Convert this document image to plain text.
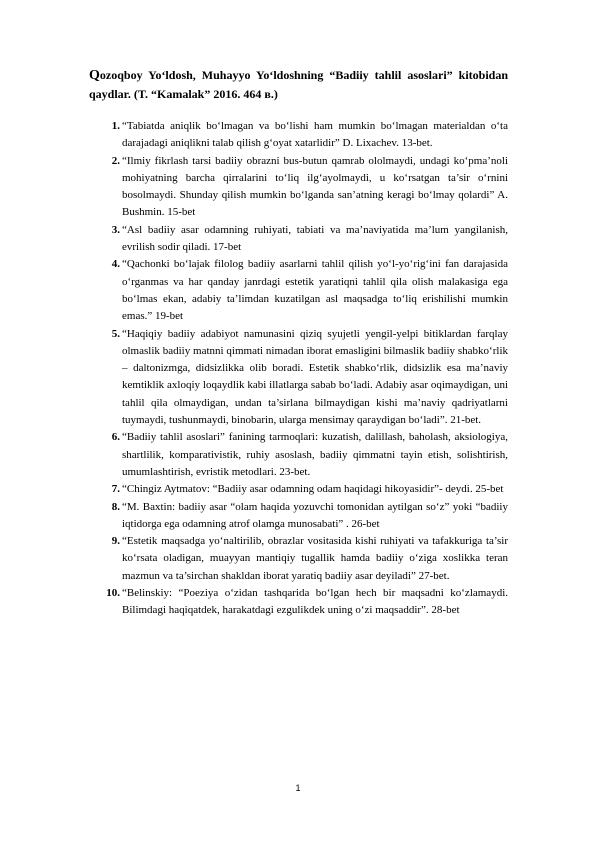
Qozoqboy Yo‘ldosh, Muhayyo Yo‘ldoshning “Badiiy tahlil asoslari” kitobidan qaydlar. (T. “Kamalak” 2016. 464 в.)
1. “Tabiatda aniqlik bo‘lmagan va bo‘lishi ham mumkin bo‘lmagan materialdan o‘ta darajadagi aniqlikni talab qilish g‘oyat xatarlidir” D. Lixachev. 13-bet.
2. “Ilmiy fikrlash tarsi badiiy obrazni bus-butun qamrab ololmaydi, undagi ko‘pma’noli mohiyatning barcha qirralarini to‘liq ilg‘ayolmaydi, u ko‘rsatgan ta’sir o‘rnini bosolmaydi. Shunday qilish mumkin bo‘lganda san’atning keragi bo‘lmay qolardi” A. Bushmin. 15-bet
3. “Asl badiiy asar odamning ruhiyati, tabiati va ma’naviyatida ma’lum yangilanish, evrilish sodir qiladi. 17-bet
4. “Qachonki bo‘lajak filolog badiiy asarlarni tahlil qilish yo‘l-yo‘rig‘ini fan darajasida o‘rganmas va har qanday janrdagi estetik yaratiqni tahlil qila olish malakasiga ega bo‘lmas ekan, adabiy ta’limdan kuzatilgan asl maqsadga to‘liq erishilishi mumkin emas.” 19-bet
5. “Haqiqiy badiiy adabiyot namunasini qiziq syujetli yengil-yelpi bitiklardan farqlay olmaslik badiiy matnni qimmati nimadan iborat emasligini bilmaslik badiiy shabko‘rlik – daltonizmga, didsizlikka olib boradi. Estetik shabko‘rlik, didsizlik esa ma’naviy kemtiklik axloqiy loqaydlik kabi illatlarga sabab bo‘ladi. Adabiy asar oqimaydigan, uni tahlil qila olmaydigan, undan ta’sirlana bilmaydigan kishi ma’naviy qadriyatlarni tuymaydi, tushunmaydi, binobarin, ularga mensimay qaraydigan bo‘ladi”. 21-bet.
6. “Badiiy tahlil asoslari” fanining tarmoqlari: kuzatish, dalillash, baholash, aksiologiya, shartlilik, komparativistik, ruhiy asoslash, badiiy qimmatni tayin etish, solishtirish, umumlashtirish, evristik metodlari. 23-bet.
7. “Chingiz Aytmatov: “Badiiy asar odamning odam haqidagi hikoyasidir”- deydi. 25-bet
8. “M. Baxtin: badiiy asar “olam haqida yozuvchi tomonidan aytilgan so‘z” yoki “badiiy iqtidorga ega odamning atrof olamga munosabati” . 26-bet
9. “Estetik maqsadga yo‘naltirilib, obrazlar vositasida kishi ruhiyati va tafakkuriga ta’sir ko‘rsata oladigan, muayyan mantiqiy tugallik hamda badiiy o‘ziga xoslikka teran mazmun va ta’sirchan shakldan iborat yaratiq badiiy asar deyiladi” 27-bet.
10. “Belinskiy: “Poeziya o‘zidan tashqarida bo‘lgan hech bir maqsadni ko‘zlamaydi. Bilimdagi haqiqatdek, harakatdagi ezgulikdek uning o‘zi maqsaddir”. 28-bet
1
